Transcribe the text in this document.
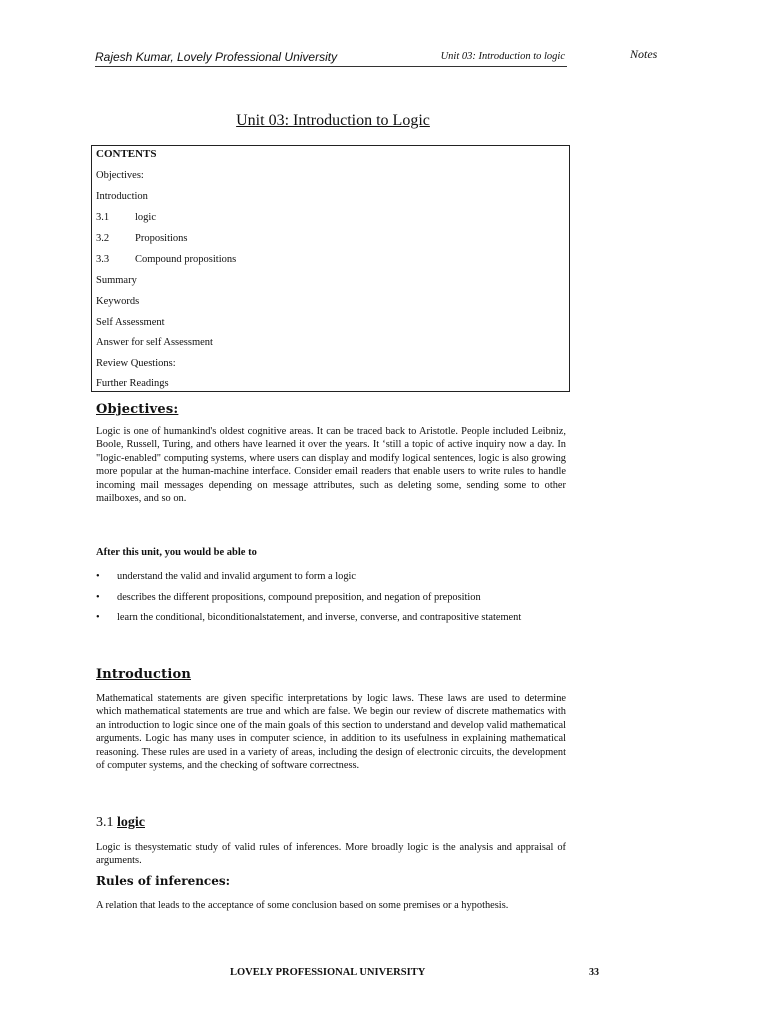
Rajesh Kumar, Lovely Professional University	Unit 03: Introduction to logic	Notes
Unit 03: Introduction to Logic
CONTENTS
Objectives:
Introduction
3.1 logic
3.2 Propositions
3.3 Compound propositions
Summary
Keywords
Self Assessment
Answer for self Assessment
Review Questions:
Further Readings
Objectives:

Logic is one of humankind's oldest cognitive areas. It can be traced back to Aristotle. People included Leibniz, Boole, Russell, Turing, and others have learned it over the years. It ‘still a topic of active inquiry now a day. In "logic-enabled" computing systems, where users can display and modify logical sentences, logic is also growing more popular at the human-machine interface. Consider email readers that enable users to write rules to handle incoming mail messages depending on message attributes, such as deleting some, sending some to other mailboxes, and so on.

After this unit, you would be able to
• understand the valid and invalid argument to form a logic
• describes the different propositions, compound preposition, and negation of preposition
• learn the conditional, biconditionalstatement, and inverse, converse, and contrapositive statement
Introduction

Mathematical statements are given specific interpretations by logic laws. These laws are used to determine which mathematical statements are true and which are false. We begin our review of discrete mathematics with an introduction to logic since one of the main goals of this section to understand and develop valid mathematical arguments. Logic has many uses in computer science, in addition to its usefulness in explaining mathematical reasoning. These rules are used in a variety of areas, including the design of electronic circuits, the development of computer systems, and the checking of software correctness.

3.1 logic

Logic is thesystematic study of valid rules of inferences. More broadly logic is the analysis and appraisal of arguments.

Rules of inferences:

A relation that leads to the acceptance of some conclusion based on some premises or a hypothesis.

LOVELY PROFESSIONAL UNIVERSITY	33
